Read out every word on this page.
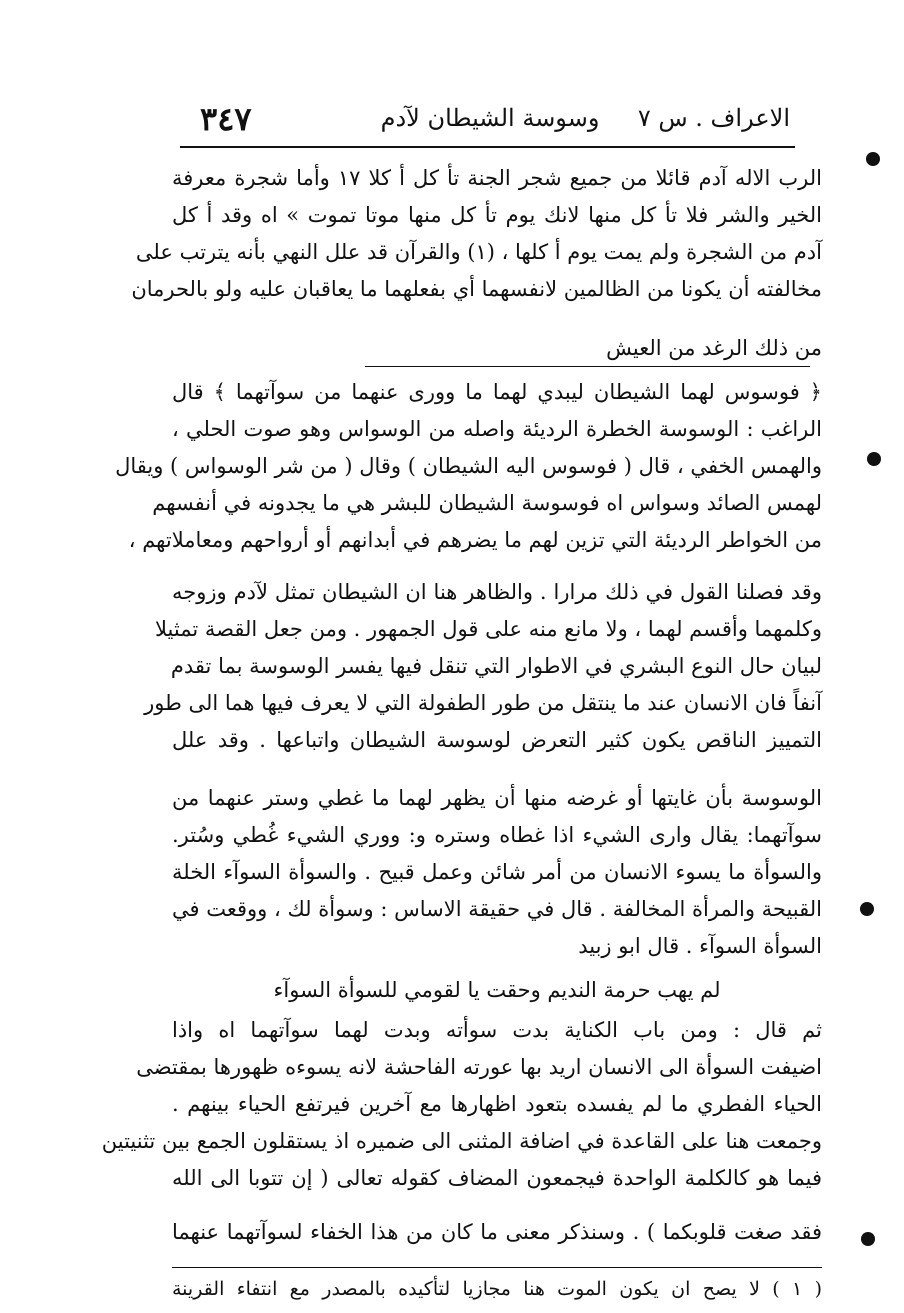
الاعراف . س ٧
وسوسة الشيطان لآدم
٣٤٧
الرب الاله آدم قائلا من جميع شجر الجنة تأ كل أ كلا ١٧ وأما شجرة معرفة
الخير والشر فلا تأ كل منها لانك يوم تأ كل منها موتا تموت » اه وقد أ كل
آدم من الشجرة ولم يمت يوم أ كلها ، (١) والقرآن قد علل النهي بأنه يترتب على
مخالفته أن يكونا من الظالمين لانفسهما أي بفعلهما ما يعاقبان عليه ولو بالحرمان
من ذلك الرغد من العيش
﴿ فوسوس لهما الشيطان ليبدي لهما ما وورى عنهما من سوآتهما ﴾ قال
الراغب : الوسوسة الخطرة الرديئة واصله من الوسواس وهو صوت الحلي ،
والهمس الخفي ، قال ( فوسوس اليه الشيطان ) وقال ( من شر الوسواس ) ويقال
لهمس الصائد وسواس اه فوسوسة الشيطان للبشر هي ما يجدونه في أنفسهم
من الخواطر الرديئة التي تزين لهم ما يضرهم في أبدانهم أو أرواحهم ومعاملاتهم ،
وقد فصلنا القول في ذلك مرارا . والظاهر هنا ان الشيطان تمثل لآدم وزوجه
وكلمهما وأقسم لهما ، ولا مانع منه على قول الجمهور . ومن جعل القصة تمثيلا
لبيان حال النوع البشري في الاطوار التي تنقل فيها يفسر الوسوسة بما تقدم
آنفاً فان الانسان عند ما ينتقل من طور الطفولة التي لا يعرف فيها هما الى طور
التمييز الناقص يكون كثير التعرض لوسوسة الشيطان واتباعها . وقد علل
الوسوسة بأن غايتها أو غرضه منها أن يظهر لهما ما غطي وستر عنهما من
سوآتهما: يقال وارى الشيء اذا غطاه وستره و: ووري الشيء غُطي وسُتر.
والسوأة ما يسوء الانسان من أمر شائن وعمل قبيح . والسوأة السوآء الخلة
القبيحة والمرأة المخالفة . قال في حقيقة الاساس : وسوأة لك ، ووقعت في
السوأة السوآء . قال ابو زبيد
لم يهب حرمة النديم وحقت يا لقومي للسوأة السوآء
ثم قال : ومن باب الكناية بدت سوأته وبدت لهما سوآتهما اه واذا
اضيفت السوأة الى الانسان اريد بها عورته الفاحشة لانه يسوءه ظهورها بمقتضى
الحياء الفطري ما لم يفسده بتعود اظهارها مع آخرين فيرتفع الحياء بينهم .
وجمعت هنا على القاعدة في اضافة المثنى الى ضميره اذ يستقلون الجمع بين تثنيتين
فيما هو كالكلمة الواحدة فيجمعون المضاف كقوله تعالى ( إن تتوبا الى الله
فقد صغت قلوبكما ) . وسنذكر معنى ما كان من هذا الخفاء لسوآتهما عنهما
( ١ ) لا يصح ان يكون الموت هنا مجازيا لتأكيده بالمصدر مع انتفاء القرينة
